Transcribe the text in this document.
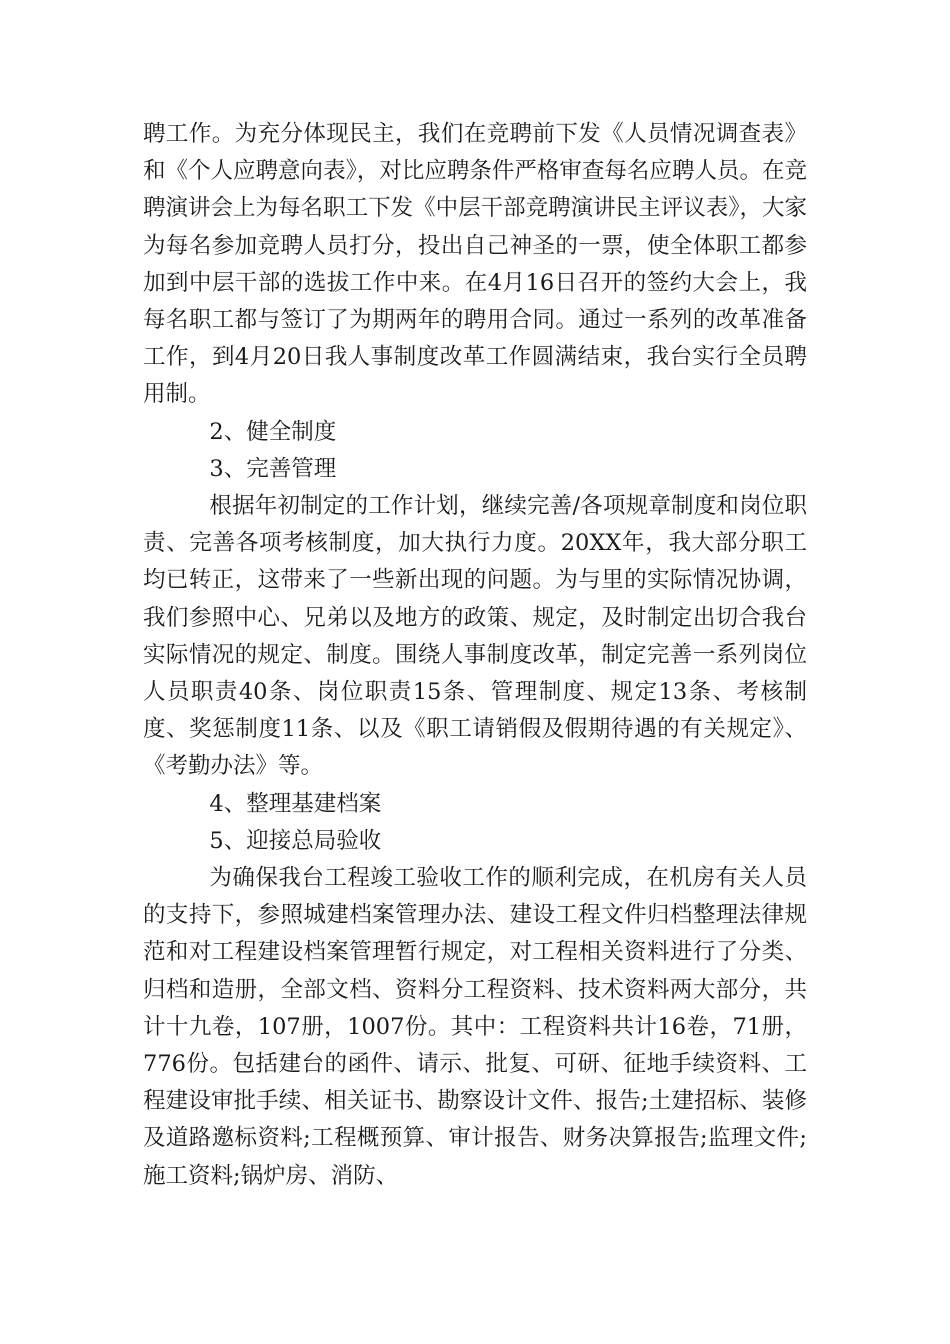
聘工作。为充分体现民主，我们在竞聘前下发《人员情况调查表》和《个人应聘意向表》，对比应聘条件严格审查每名应聘人员。在竞聘演讲会上为每名职工下发《中层干部竞聘演讲民主评议表》，大家为每名参加竞聘人员打分，投出自己神圣的一票，使全体职工都参加到中层干部的选拔工作中来。在4月16日召开的签约大会上，我每名职工都与签订了为期两年的聘用合同。通过一系列的改革准备工作，到4月20日我人事制度改革工作圆满结束，我台实行全员聘用制。

2、健全制度

3、完善管理

根据年初制定的工作计划，继续完善/各项规章制度和岗位职责、完善各项考核制度，加大执行力度。20XX年，我大部分职工均已转正，这带来了一些新出现的问题。为与里的实际情况协调，我们参照中心、兄弟以及地方的政策、规定，及时制定出切合我台实际情况的规定、制度。围绕人事制度改革，制定完善一系列岗位人员职责40条、岗位职责15条、管理制度、规定13条、考核制度、奖惩制度11条、以及《职工请销假及假期待遇的有关规定》、《考勤办法》等。

4、整理基建档案

5、迎接总局验收

为确保我台工程竣工验收工作的顺利完成，在机房有关人员的支持下，参照城建档案管理办法、建设工程文件归档整理法律规范和对工程建设档案管理暂行规定，对工程相关资料进行了分类、归档和造册，全部文档、资料分工程资料、技术资料两大部分，共计十九卷，107册，1007份。其中：工程资料共计16卷，71册，776份。包括建台的函件、请示、批复、可研、征地手续资料、工程建设审批手续、相关证书、勘察设计文件、报告;土建招标、装修及道路邀标资料;工程概预算、审计报告、财务决算报告;监理文件;施工资料;锅炉房、消防、
